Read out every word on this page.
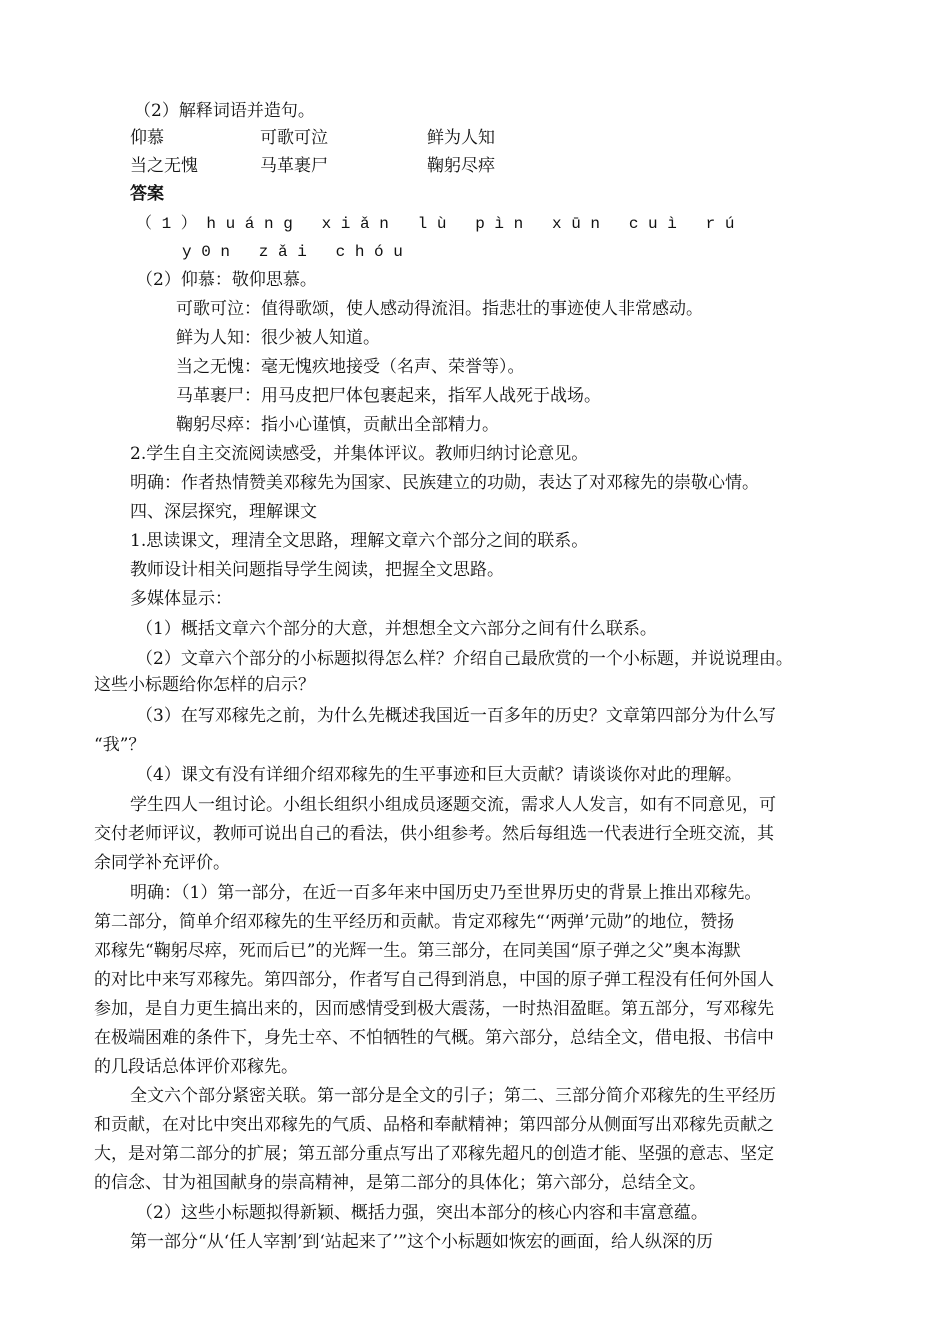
（2）解释词语并造句。
仰慕	可歌可泣	鲜为人知
当之无愧	马革裹尸	鞠躬尽瘁
答案
（1）huáng xiǎn lù pìn xūn cuì rú
y0n zǎi chóu
（2）仰慕：敬仰思慕。
可歌可泣：值得歌颂，使人感动得流泪。指悲壮的事迹使人非常感动。
鲜为人知：很少被人知道。
当之无愧：毫无愧疚地接受（名声、荣誉等）。
马革裹尸：用马皮把尸体包裹起来，指军人战死于战场。
鞠躬尽瘁：指小心谨慎，贡献出全部精力。
2.学生自主交流阅读感受，并集体评议。教师归纳讨论意见。
明确：作者热情赞美邓稼先为国家、民族建立的功勋，表达了对邓稼先的崇敬心情。
四、深层探究，理解课文
1.思读课文，理清全文思路，理解文章六个部分之间的联系。
教师设计相关问题指导学生阅读，把握全文思路。
多媒体显示：
（1）概括文章六个部分的大意，并想想全文六部分之间有什么联系。
（2）文章六个部分的小标题拟得怎么样？介绍自己最欣赏的一个小标题，并说说理由。
这些小标题给你怎样的启示？
（3）在写邓稼先之前，为什么先概述我国近一百多年的历史？文章第四部分为什么写
“我”？
（4）课文有没有详细介绍邓稼先的生平事迹和巨大贡献？请谈谈你对此的理解。
学生四人一组讨论。小组长组织小组成员逐题交流，需求人人发言，如有不同意见，可
交付老师评议，教师可说出自己的看法，供小组参考。然后每组选一代表进行全班交流，其
余同学补充评价。
明确：（1）第一部分，在近一百多年来中国历史乃至世界历史的背景上推出邓稼先。
第二部分，简单介绍邓稼先的生平经历和贡献。肯定邓稼先“‘两弹’元勋”的地位，赞扬
邓稼先“鞠躬尽瘁，死而后已”的光辉一生。第三部分，在同美国“原子弹之父”奥本海默
的对比中来写邓稼先。第四部分，作者写自己得到消息，中国的原子弹工程没有任何外国人
参加，是自力更生搞出来的，因而感情受到极大震荡，一时热泪盈眶。第五部分，写邓稼先
在极端困难的条件下，身先士卒、不怕牺牲的气概。第六部分，总结全文，借电报、书信中
的几段话总体评价邓稼先。
全文六个部分紧密关联。第一部分是全文的引子；第二、三部分简介邓稼先的生平经历
和贡献，在对比中突出邓稼先的气质、品格和奉献精神；第四部分从侧面写出邓稼先贡献之
大，是对第二部分的扩展；第五部分重点写出了邓稼先超凡的创造才能、坚强的意志、坚定
的信念、甘为祖国献身的崇高精神，是第二部分的具体化；第六部分，总结全文。
（2）这些小标题拟得新颖、概括力强，突出本部分的核心内容和丰富意蕴。
第一部分“从‘任人宰割’到‘站起来了’”这个小标题如恢宏的画面，给人纵深的历
